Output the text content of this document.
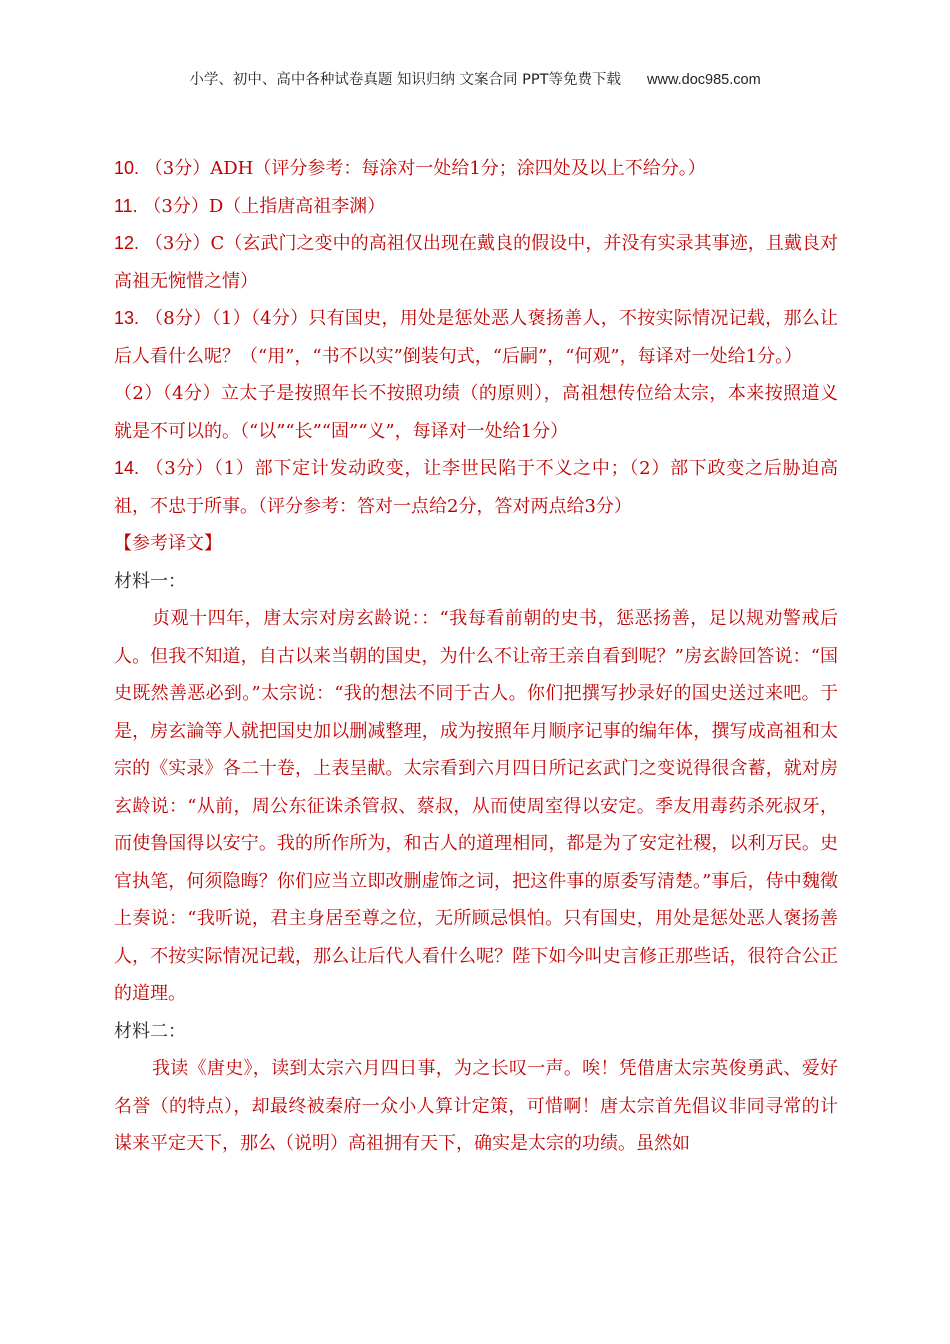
小学、初中、高中各种试卷真题 知识归纳 文案合同 PPT等免费下载 www.doc985.com

10. （3分）ADH（评分参考：每涂对一处给1分；涂四处及以上不给分。）

11. （3分）D（上指唐高祖李渊）

12. （3分）C（玄武门之变中的高祖仅出现在戴良的假设中，并没有实录其事迹，且戴良对高祖无惋惜之情）

13. （8分）（1）（4分）只有国史，用处是惩处恶人褒扬善人，不按实际情况记载，那么让后人看什么呢？（“用”，“书不以实”倒装句式，“后嗣”，“何观”，每译对一处给1分。）

（2）（4分）立太子是按照年长不按照功绩（的原则），高祖想传位给太宗，本来按照道义就是不可以的。（“以”“长”“固”“义”，每译对一处给1分）

14. （3分）（1）部下定计发动政变，让李世民陷于不义之中；（2）部下政变之后胁迫高祖，不忠于所事。（评分参考：答对一点给2分，答对两点给3分）

【参考译文】

材料一：

贞观十四年，唐太宗对房玄龄说：：“我每看前朝的史书，惩恶扬善，足以规劝警戒后人。但我不知道，自古以来当朝的国史，为什么不让帝王亲自看到呢？”房玄龄回答说：“国史既然善恶必到。”太宗说：“我的想法不同于古人。你们把撰写抄录好的国史送过来吧。于是，房玄論等人就把国史加以删减整理，成为按照年月顺序记事的编年体，撰写成高祖和太宗的《实录》各二十卷，上表呈献。太宗看到六月四日所记玄武门之变说得很含蓄，就对房玄龄说：“从前，周公东征诛杀管叔、蔡叔，从而使周室得以安定。季友用毒药杀死叔牙，而使鲁国得以安宁。我的所作所为，和古人的道理相同，都是为了安定社稷，以利万民。史官执笔，何须隐晦？你们应当立即改删虚饰之词，把这件事的原委写清楚。”事后，侍中魏徵上奏说：“我听说，君主身居至尊之位，无所顾忌惧怕。只有国史，用处是惩处恶人褒扬善人，不按实际情况记载，那么让后代人看什么呢？陛下如今叫史言修正那些话，很符合公正的道理。

材料二：

我读《唐史》，读到太宗六月四日事，为之长叹一声。唉！凭借唐太宗英俊勇武、爱好名誉（的特点），却最终被秦府一众小人算计定策，可惜啊！唐太宗首先倡议非同寻常的计谋来平定天下，那么（说明）高祖拥有天下，确实是太宗的功绩。虽然如
